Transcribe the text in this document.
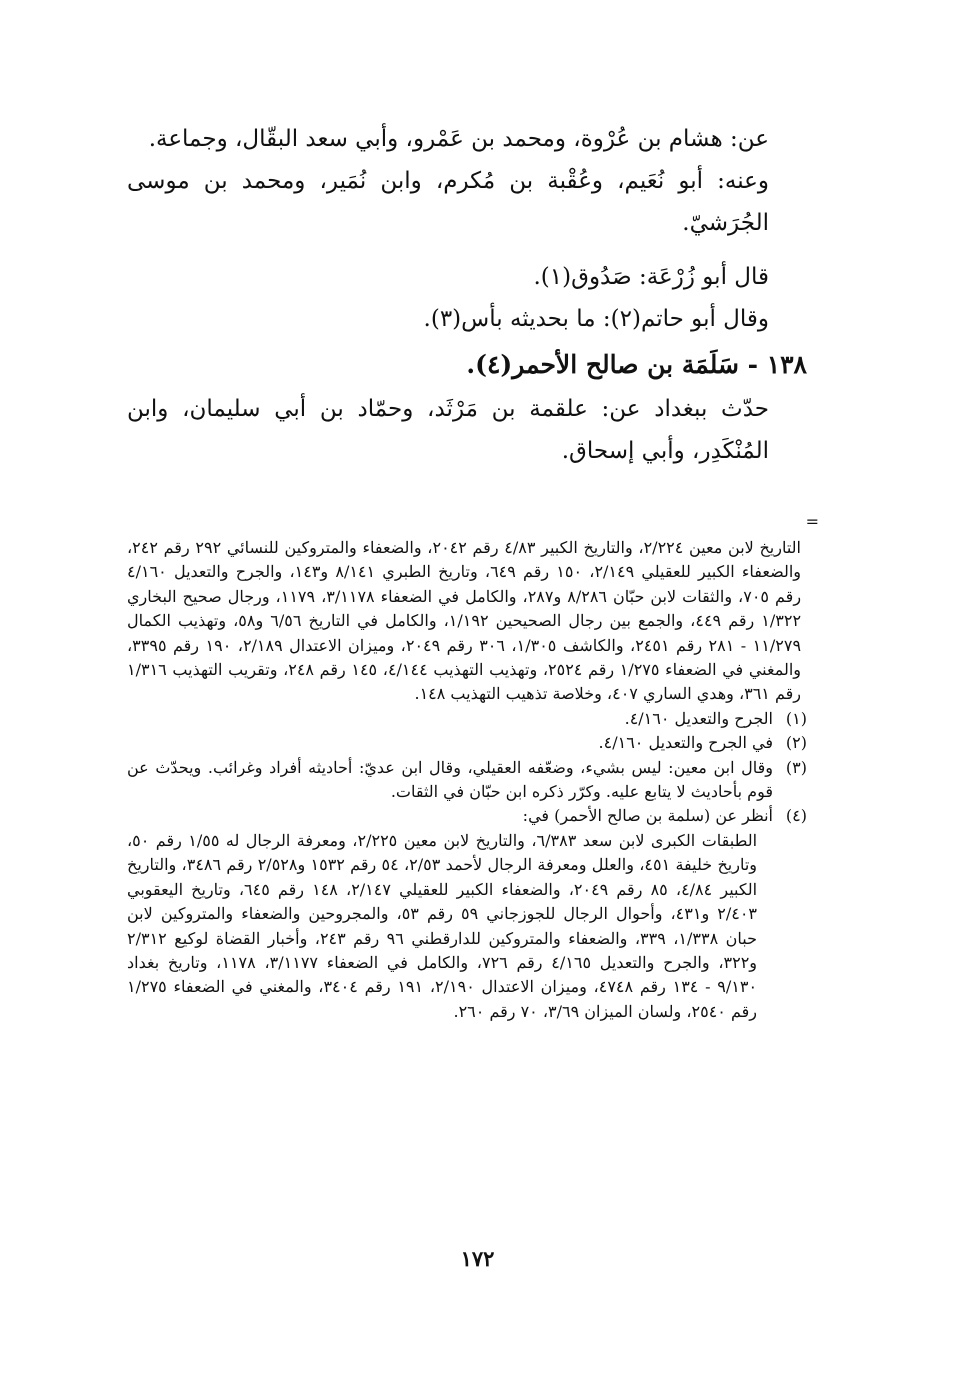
عن: هشام بن عُرْوة، ومحمد بن عَمْرو، وأبي سعد البقّال، وجماعة.

وعنه: أبو نُعَيم، وعُقْبة بن مُكرم، وابن نُمَير، ومحمد بن موسى الجُرَشيّ.

قال أبو زُرْعَة: صَدُوق(١).

وقال أبو حاتم(٢): ما بحديثه بأس(٣).

١٣٨ - سَلَمَة بن صالح الأحمر(٤).

حدّث ببغداد عن: علقمة بن مَرْثَد، وحمّاد بن أبي سليمان، وابن المُنْكَدِر، وأبي إسحاق.

=

التاريخ لابن معين ٢/٢٢٤، والتاريخ الكبير ٤/٨٣ رقم ٢٠٤٢، والضعفاء والمتروكين للنسائي ٢٩٢ رقم ٢٤٢، والضعفاء الكبير للعقيلي ٢/١٤٩، ١٥٠ رقم ٦٤٩، وتاريخ الطبري ٨/١٤١ و١٤٣، والجرح والتعديل ٤/١٦٠ رقم ٧٠٥، والثقات لابن حبّان ٨/٢٨٦ و٢٨٧، والكامل في الضعفاء ٣/١١٧٨، ١١٧٩، ورجال صحيح البخاري ١/٣٢٢ رقم ٤٤٩، والجمع بين رجال الصحيحين ١/١٩٢، والكامل في التاريخ ٦/٥٦ و٥٨، وتهذيب الكمال ١١/٢٧٩ - ٢٨١ رقم ٢٤٥١، والكاشف ١/٣٠٥، ٣٠٦ رقم ٢٠٤٩، وميزان الاعتدال ٢/١٨٩، ١٩٠ رقم ٣٣٩٥، والمغني في الضعفاء ١/٢٧٥ رقم ٢٥٢٤، وتهذيب التهذيب ٤/١٤٤، ١٤٥ رقم ٢٤٨، وتقريب التهذيب ١/٣١٦ رقم ٣٦١، وهدي الساري ٤٠٧، وخلاصة تذهيب التهذيب ١٤٨.

(١)
الجرح والتعديل ٤/١٦٠.
(٢)
في الجرح والتعديل ٤/١٦٠.
(٣)
وقال ابن معين: ليس بشيء، وضعّفه العقيلي، وقال ابن عديّ: أحاديثه أفراد وغرائب. ويحدّث عن قوم بأحاديث لا يتابع عليه. وكرّر ذكره ابن حبّان في الثقات.
(٤)
أنظر عن (سلمة بن صالح الأحمر) في:

الطبقات الكبرى لابن سعد ٦/٣٨٣، والتاريخ لابن معين ٢/٢٢٥، ومعرفة الرجال له ١/٥٥ رقم ٥٠، وتاريخ خليفة ٤٥١، والعلل ومعرفة الرجال لأحمد ٢/٥٣، ٥٤ رقم ١٥٣٢ و٢/٥٢٨ رقم ٣٤٨٦، والتاريخ الكبير ٤/٨٤، ٨٥ رقم ٢٠٤٩، والضعفاء الكبير للعقيلي ٢/١٤٧، ١٤٨ رقم ٦٤٥، وتاريخ اليعقوبي ٢/٤٠٣ و٤٣١، وأحوال الرجال للجوزجاني ٥٩ رقم ٥٣، والمجروحين والضعفاء والمتروكين لابن حبان ١/٣٣٨، ٣٣٩، والضعفاء والمتروكين للدارقطني ٩٦ رقم ٢٤٣، وأخبار القضاة لوكيع ٢/٣١٢ و٣٢٢، والجرح والتعديل ٤/١٦٥ رقم ٧٢٦، والكامل في الضعفاء ٣/١١٧٧، ١١٧٨، وتاريخ بغداد ٩/١٣٠ - ١٣٤ رقم ٤٧٤٨، وميزان الاعتدال ٢/١٩٠، ١٩١ رقم ٣٤٠٤، والمغني في الضعفاء ١/٢٧٥ رقم ٢٥٤٠، ولسان الميزان ٣/٦٩، ٧٠ رقم ٢٦٠.

١٧٢
